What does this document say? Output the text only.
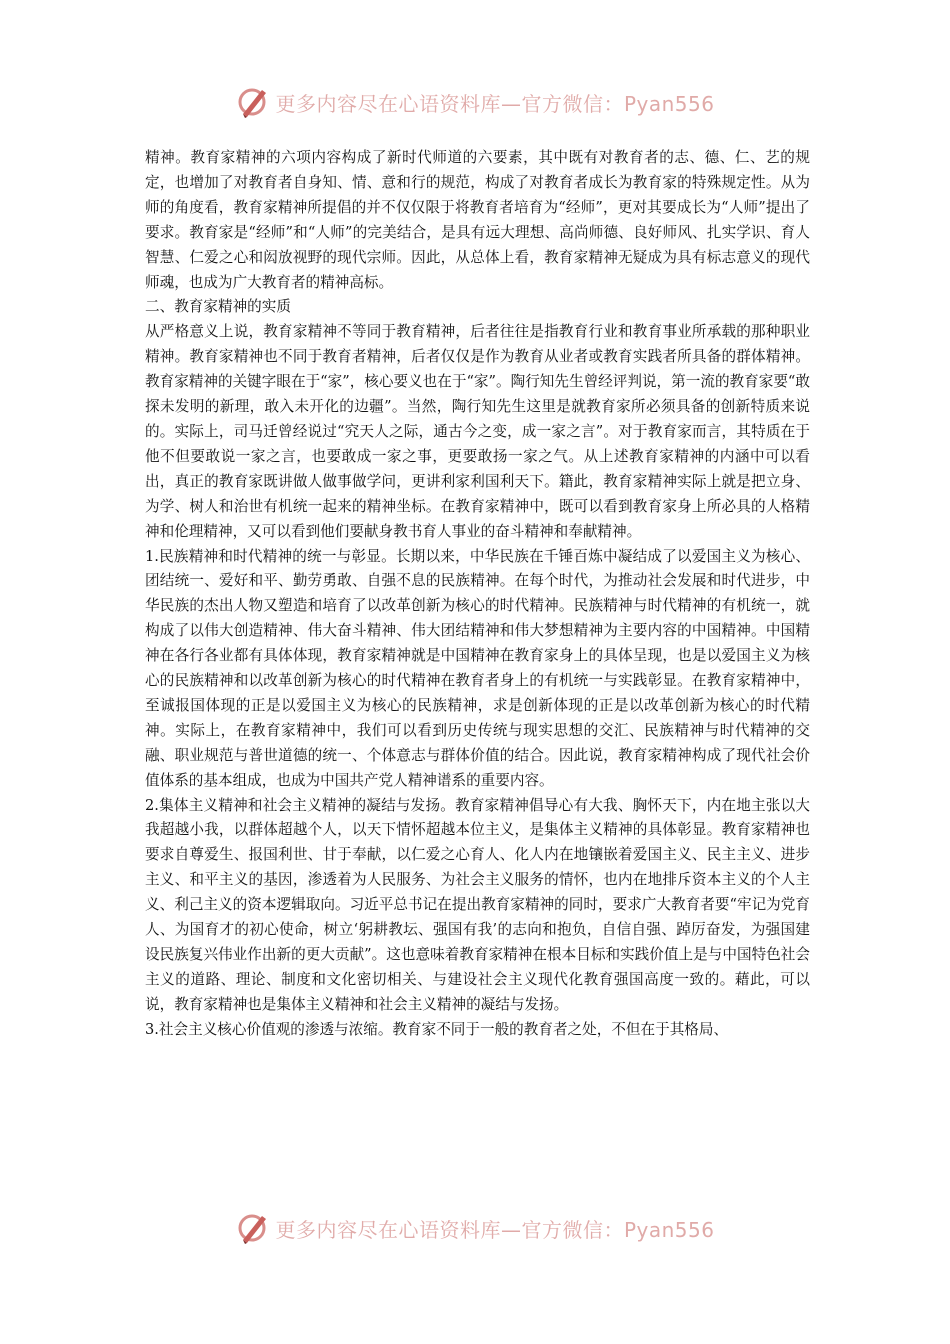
更多内容尽在心语资料库—官方微信：Pyan556

精神。教育家精神的六项内容构成了新时代师道的六要素，其中既有对教育者的志、德、仁、艺的规定，也增加了对教育者自身知、情、意和行的规范，构成了对教育者成长为教育家的特殊规定性。从为师的角度看，教育家精神所提倡的并不仅仅限于将教育者培育为“经师”，更对其要成长为“人师”提出了要求。教育家是“经师”和“人师”的完美结合，是具有远大理想、高尚师德、良好师风、扎实学识、育人智慧、仁爱之心和闳放视野的现代宗师。因此，从总体上看，教育家精神无疑成为具有标志意义的现代师魂，也成为广大教育者的精神高标。

二、教育家精神的实质

从严格意义上说，教育家精神不等同于教育精神，后者往往是指教育行业和教育事业所承载的那种职业精神。教育家精神也不同于教育者精神，后者仅仅是作为教育从业者或教育实践者所具备的群体精神。教育家精神的关键字眼在于“家”，核心要义也在于“家”。陶行知先生曾经评判说，第一流的教育家要“敢探未发明的新理，敢入未开化的边疆”。当然，陶行知先生这里是就教育家所必须具备的创新特质来说的。实际上，司马迁曾经说过“究天人之际，通古今之变，成一家之言”。对于教育家而言，其特质在于他不但要敢说一家之言，也要敢成一家之事，更要敢扬一家之气。从上述教育家精神的内涵中可以看出，真正的教育家既讲做人做事做学问，更讲利家利国利天下。籍此，教育家精神实际上就是把立身、为学、树人和治世有机统一起来的精神坐标。在教育家精神中，既可以看到教育家身上所必具的人格精神和伦理精神，又可以看到他们要献身教书育人事业的奋斗精神和奉献精神。

1.民族精神和时代精神的统一与彰显。长期以来，中华民族在千锤百炼中凝结成了以爱国主义为核心、团结统一、爱好和平、勤劳勇敢、自强不息的民族精神。在每个时代，为推动社会发展和时代进步，中华民族的杰出人物又塑造和培育了以改革创新为核心的时代精神。民族精神与时代精神的有机统一，就构成了以伟大创造精神、伟大奋斗精神、伟大团结精神和伟大梦想精神为主要内容的中国精神。中国精神在各行各业都有具体体现，教育家精神就是中国精神在教育家身上的具体呈现，也是以爱国主义为核心的民族精神和以改革创新为核心的时代精神在教育者身上的有机统一与实践彰显。在教育家精神中，至诚报国体现的正是以爱国主义为核心的民族精神，求是创新体现的正是以改革创新为核心的时代精神。实际上，在教育家精神中，我们可以看到历史传统与现实思想的交汇、民族精神与时代精神的交融、职业规范与普世道德的统一、个体意志与群体价值的结合。因此说，教育家精神构成了现代社会价值体系的基本组成，也成为中国共产党人精神谱系的重要内容。

2.集体主义精神和社会主义精神的凝结与发扬。教育家精神倡导心有大我、胸怀天下，内在地主张以大我超越小我，以群体超越个人，以天下情怀超越本位主义，是集体主义精神的具体彰显。教育家精神也要求自尊爱生、报国利世、甘于奉献，以仁爱之心育人、化人内在地镶嵌着爱国主义、民主主义、进步主义、和平主义的基因，渗透着为人民服务、为社会主义服务的情怀，也内在地排斥资本主义的个人主义、利己主义的资本逻辑取向。习近平总书记在提出教育家精神的同时，要求广大教育者要“牢记为党育人、为国育才的初心使命，树立‘躬耕教坛、强国有我’的志向和抱负，自信自强、踔厉奋发，为强国建设民族复兴伟业作出新的更大贡献”。这也意味着教育家精神在根本目标和实践价值上是与中国特色社会主义的道路、理论、制度和文化密切相关、与建设社会主义现代化教育强国高度一致的。藉此，可以说，教育家精神也是集体主义精神和社会主义精神的凝结与发扬。

3.社会主义核心价值观的渗透与浓缩。教育家不同于一般的教育者之处，不但在于其格局、

更多内容尽在心语资料库—官方微信：Pyan556
